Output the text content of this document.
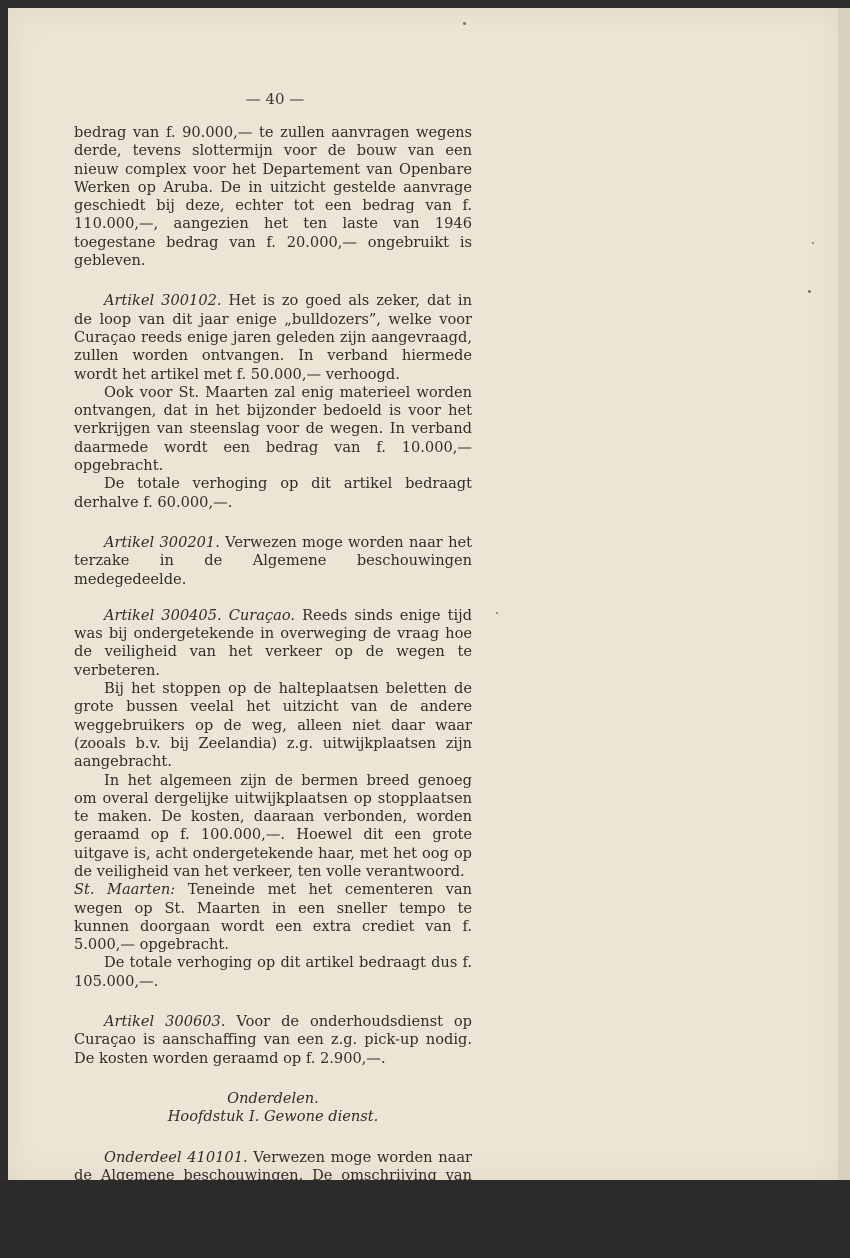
— 40 —

bedrag van f. 90.000,— te zullen aanvragen wegens derde, tevens slottermijn voor de bouw van een nieuw complex voor het Departement van Openbare Werken op Aruba. De in uitzicht gestelde aanvrage geschiedt bij deze, echter tot een bedrag van f. 110.000,—, aangezien het ten laste van 1946 toegestane bedrag van f. 20.000,— ongebruikt is gebleven.

Artikel 300102. Het is zo goed als zeker, dat in de loop van dit jaar enige „bulldozers”, welke voor Curaçao reeds enige jaren geleden zijn aangevraagd, zullen worden ontvangen. In verband hiermede wordt het artikel met f. 50.000,— verhoogd.

Ook voor St. Maarten zal enig materieel worden ontvangen, dat in het bijzonder bedoeld is voor het verkrijgen van steenslag voor de wegen. In verband daarmede wordt een bedrag van f. 10.000,— opgebracht.

De totale verhoging op dit artikel bedraagt derhalve f. 60.000,—.

Artikel 300201. Verwezen moge worden naar het terzake in de Algemene beschouwingen medegedeelde.

Artikel 300405. Curaçao. Reeds sinds enige tijd was bij ondergetekende in overweging de vraag hoe de veiligheid van het verkeer op de wegen te verbeteren.

Bij het stoppen op de halteplaatsen beletten de grote bussen veelal het uitzicht van de andere weggebruikers op de weg, alleen niet daar waar (zooals b.v. bij Zeelandia) z.g. uitwijkplaatsen zijn aangebracht.

In het algemeen zijn de bermen breed genoeg om overal dergelijke uitwijkplaatsen op stopplaatsen te maken. De kosten, daaraan verbonden, worden geraamd op f. 100.000,—. Hoewel dit een grote uitgave is, acht ondergetekende haar, met het oog op de veiligheid van het verkeer, ten volle verantwoord.

St. Maarten: Teneinde met het cementeren van wegen op St. Maarten in een sneller tempo te kunnen doorgaan wordt een extra crediet van f. 5.000,— opgebracht.

De totale verhoging op dit artikel bedraagt dus f. 105.000,—.

Artikel 300603. Voor de onderhoudsdienst op Curaçao is aanschaffing van een z.g. pick-up nodig. De kosten worden geraamd op f. 2.900,—.

Onderdelen.

Hoofdstuk I. Gewone dienst.

Onderdeel 410101. Verwezen moge worden naar de Algemene beschouwingen. De omschrijving van dit onderdeel wordt gewijzigd in: Batige saldi 1944 en 1945. De raming van het onderdeel wordt verhoogd met f. 5.300.000,— en gesteld op f. 7.290.000,—.
